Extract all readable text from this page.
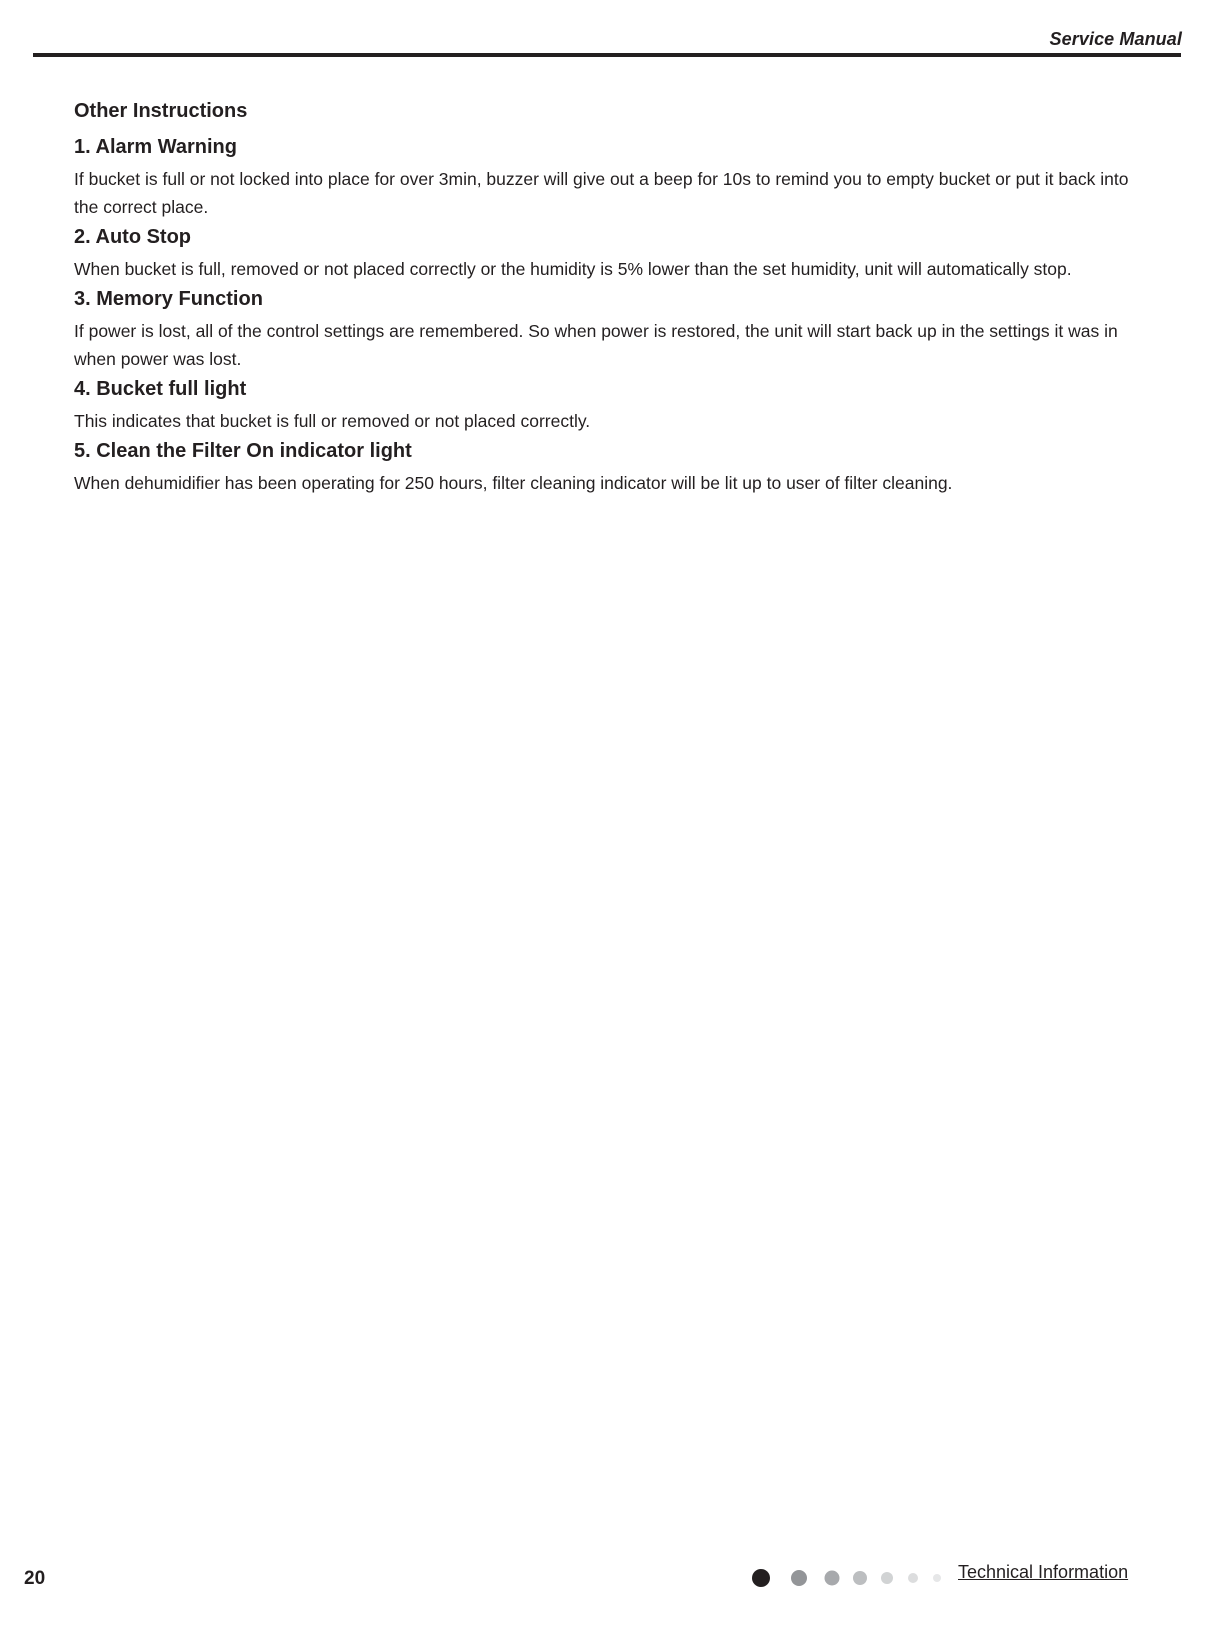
Service Manual
Other Instructions
1. Alarm Warning
If bucket is full or not locked into place for over 3min, buzzer will give out a beep for 10s to remind you to empty bucket or put it back into the correct place.
2. Auto Stop
When bucket is full, removed or not placed correctly or the humidity is 5% lower than the set humidity, unit will automatically stop.
3. Memory Function
If power is lost, all of the control settings are remembered. So when power is restored, the unit will start back up in the settings it was in when power was lost.
4. Bucket full light
This indicates that bucket is full or removed or not placed correctly.
5. Clean the Filter On indicator light
When dehumidifier has been operating for 250 hours, filter cleaning indicator will be lit up to user of filter cleaning.
20	Technical Information
